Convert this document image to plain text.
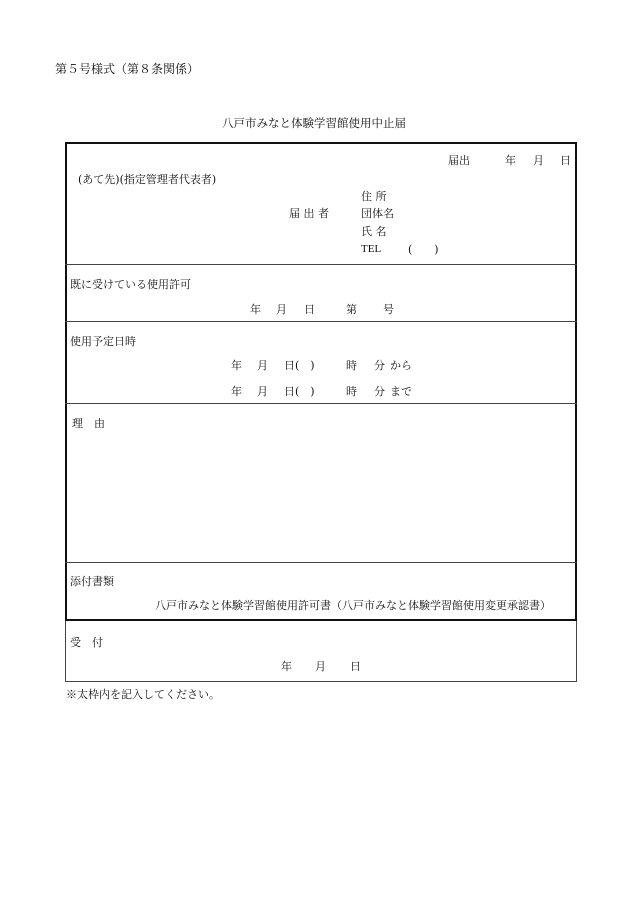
第５号様式（第８条関係）
八戸市みなと体験学習館使用中止届
届出	年 月 日
(あて先)(指定管理者代表者)
届 出 者
住 所
団体名
氏 名
TEL (　　)
既に受けている使用許可
年 月 日	第 号
使用予定日時
年 月 日(　)	時 分 から
年 月 日(　)	時 分 まで
理　由
添付書類
八戸市みなと体験学習館使用許可書（八戸市みなと体験学習館使用変更承認書）
受　付
年 月 日
※太枠内を記入してください。
